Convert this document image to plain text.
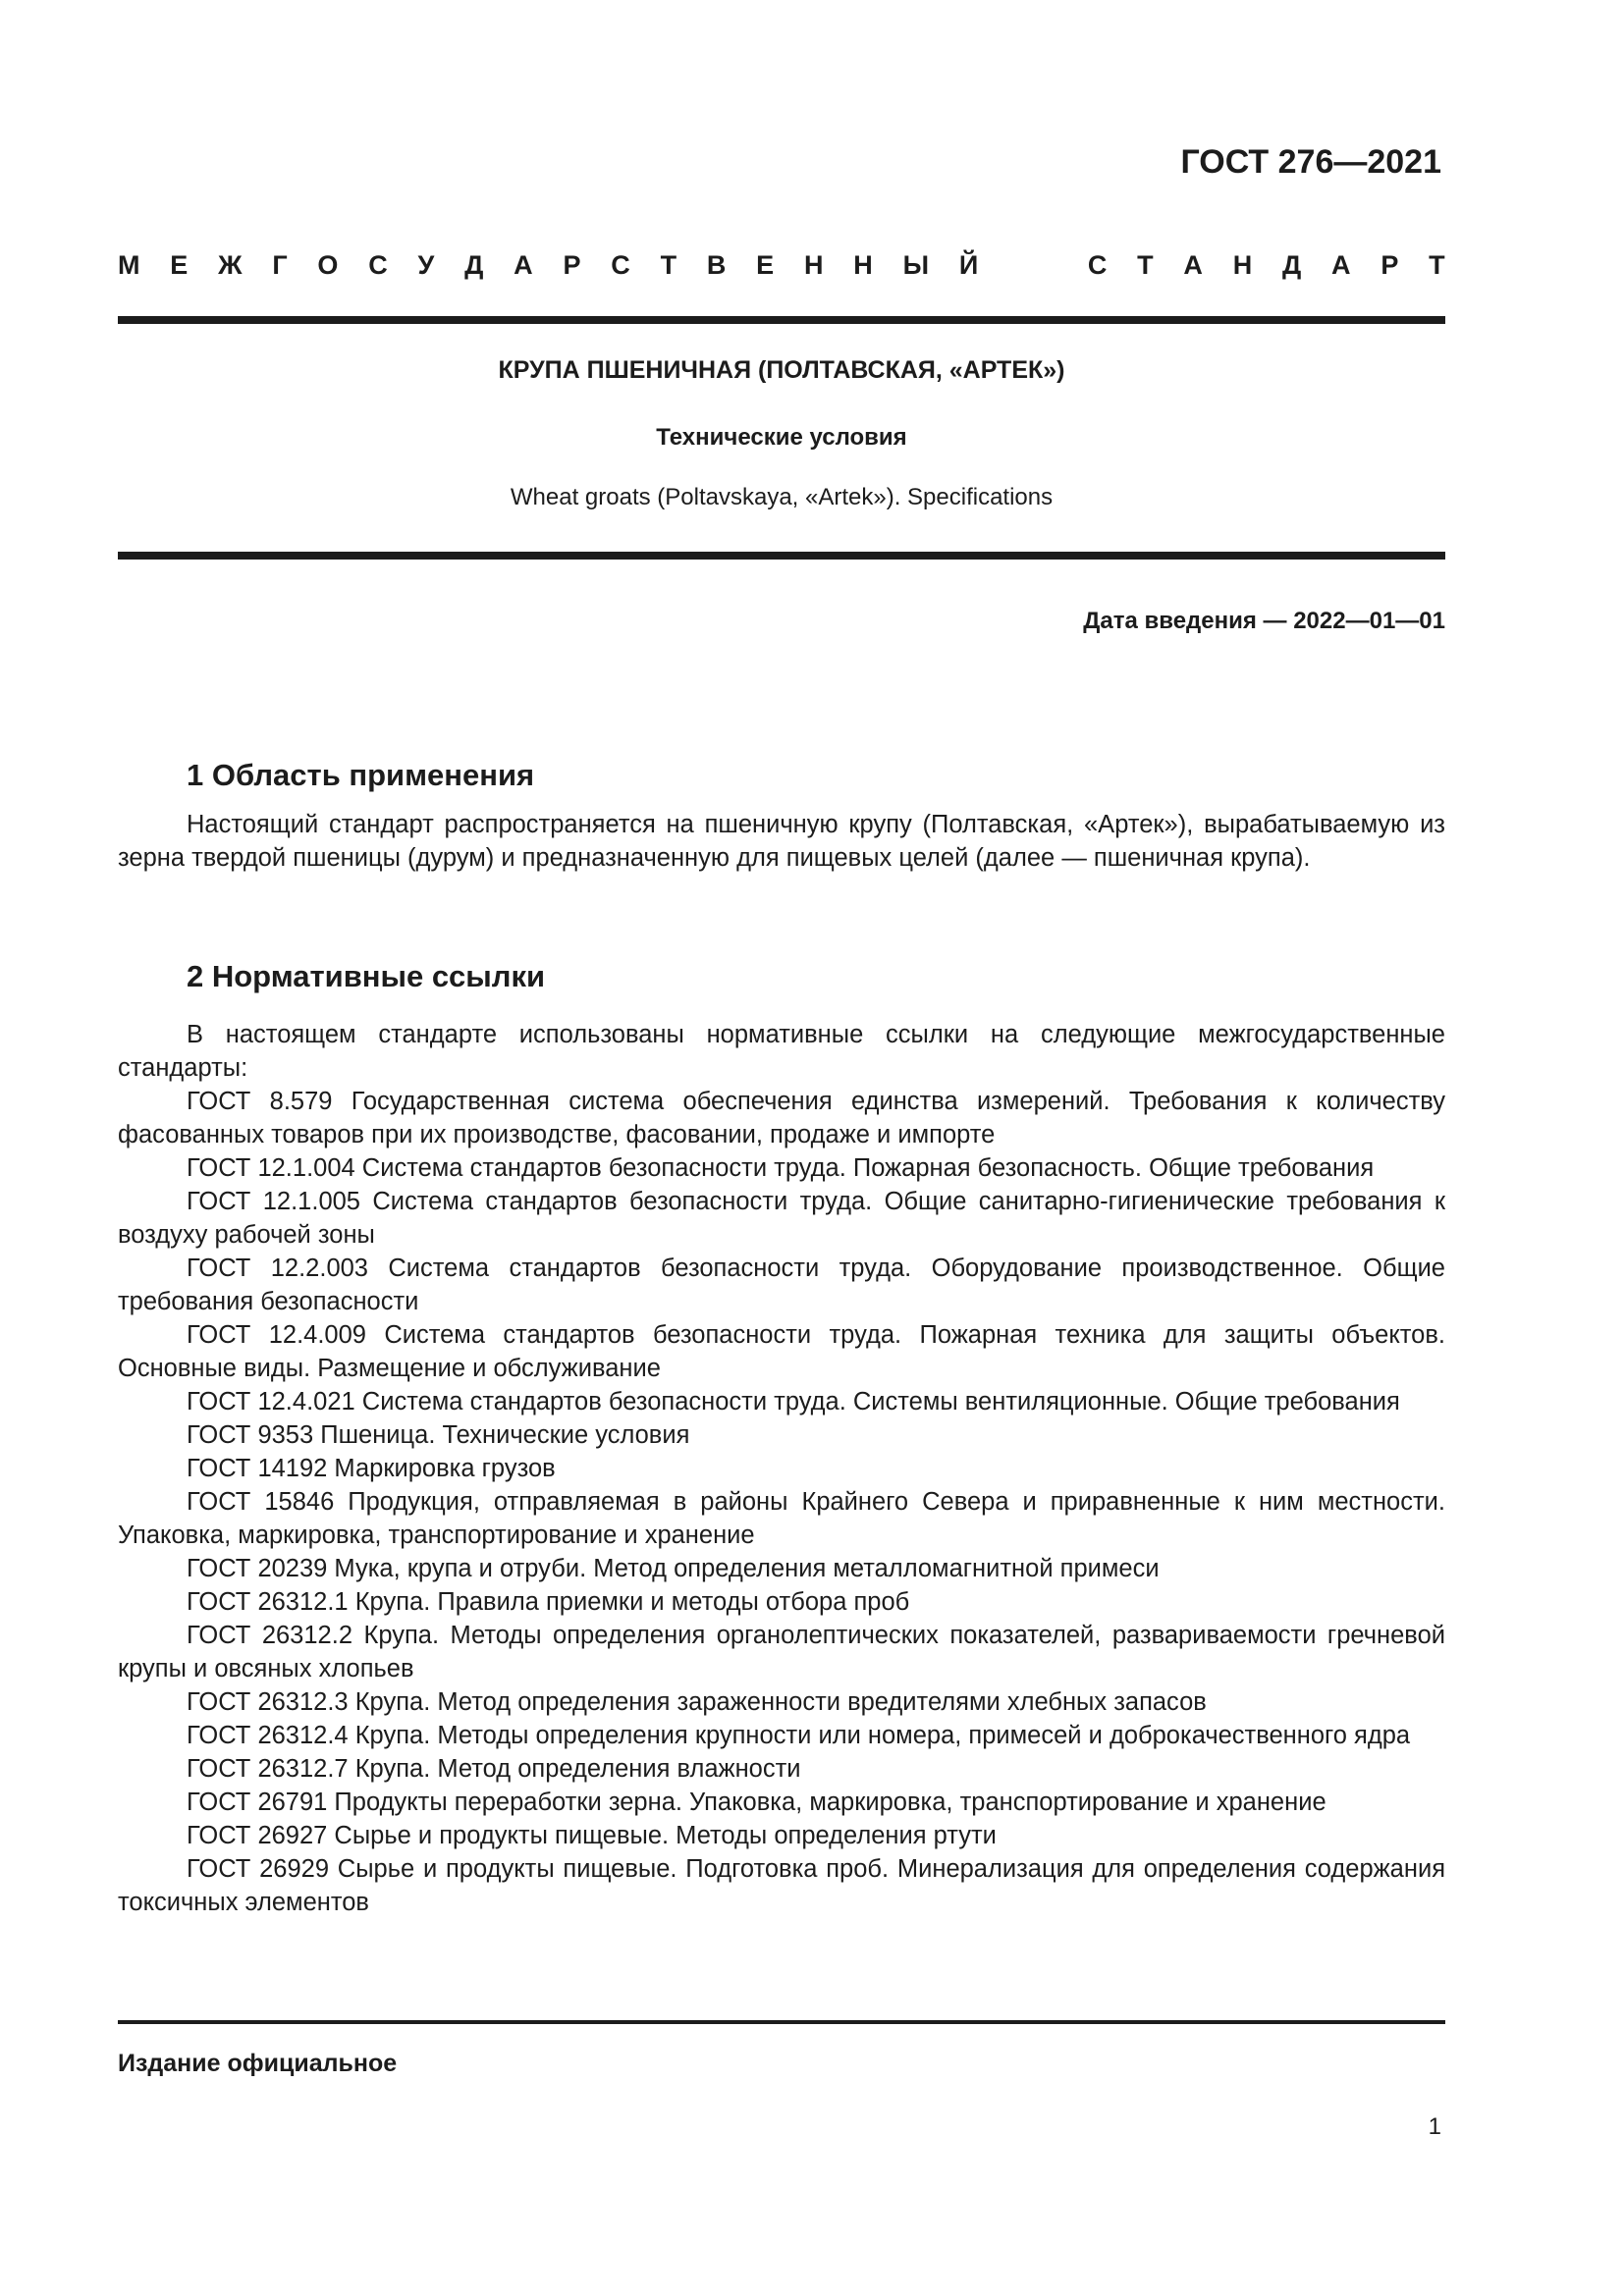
ГОСТ 276—2021
М Е Ж Г О С У Д А Р С Т В Е Н Н Ы Й	С Т А Н Д А Р Т
КРУПА ПШЕНИЧНАЯ (ПОЛТАВСКАЯ, «АРТЕК»)
Технические условия
Wheat groats (Poltavskaya, «Artek»). Specifications
Дата введения — 2022—01—01
1 Область применения

Настоящий стандарт распространяется на пшеничную крупу (Полтавская, «Артек»), вырабатываемую из зерна твердой пшеницы (дурум) и предназначенную для пищевых целей (далее — пшеничная крупа).

2 Нормативные ссылки

В настоящем стандарте использованы нормативные ссылки на следующие межгосударственные стандарты:

ГОСТ 8.579 Государственная система обеспечения единства измерений. Требования к количеству фасованных товаров при их производстве, фасовании, продаже и импорте

ГОСТ 12.1.004 Система стандартов безопасности труда. Пожарная безопасность. Общие требования

ГОСТ 12.1.005 Система стандартов безопасности труда. Общие санитарно-гигиенические требования к воздуху рабочей зоны

ГОСТ 12.2.003 Система стандартов безопасности труда. Оборудование производственное. Общие требования безопасности

ГОСТ 12.4.009 Система стандартов безопасности труда. Пожарная техника для защиты объектов. Основные виды. Размещение и обслуживание

ГОСТ 12.4.021 Система стандартов безопасности труда. Системы вентиляционные. Общие требования

ГОСТ 9353 Пшеница. Технические условия

ГОСТ 14192 Маркировка грузов

ГОСТ 15846 Продукция, отправляемая в районы Крайнего Севера и приравненные к ним местности. Упаковка, маркировка, транспортирование и хранение

ГОСТ 20239 Мука, крупа и отруби. Метод определения металломагнитной примеси

ГОСТ 26312.1 Крупа. Правила приемки и методы отбора проб

ГОСТ 26312.2 Крупа. Методы определения органолептических показателей, развариваемости гречневой крупы и овсяных хлопьев

ГОСТ 26312.3 Крупа. Метод определения зараженности вредителями хлебных запасов

ГОСТ 26312.4 Крупа. Методы определения крупности или номера, примесей и доброкачественного ядра

ГОСТ 26312.7 Крупа. Метод определения влажности

ГОСТ 26791 Продукты переработки зерна. Упаковка, маркировка, транспортирование и хранение

ГОСТ 26927 Сырье и продукты пищевые. Методы определения ртути

ГОСТ 26929 Сырье и продукты пищевые. Подготовка проб. Минерализация для определения содержания токсичных элементов

Издание официальное
1
